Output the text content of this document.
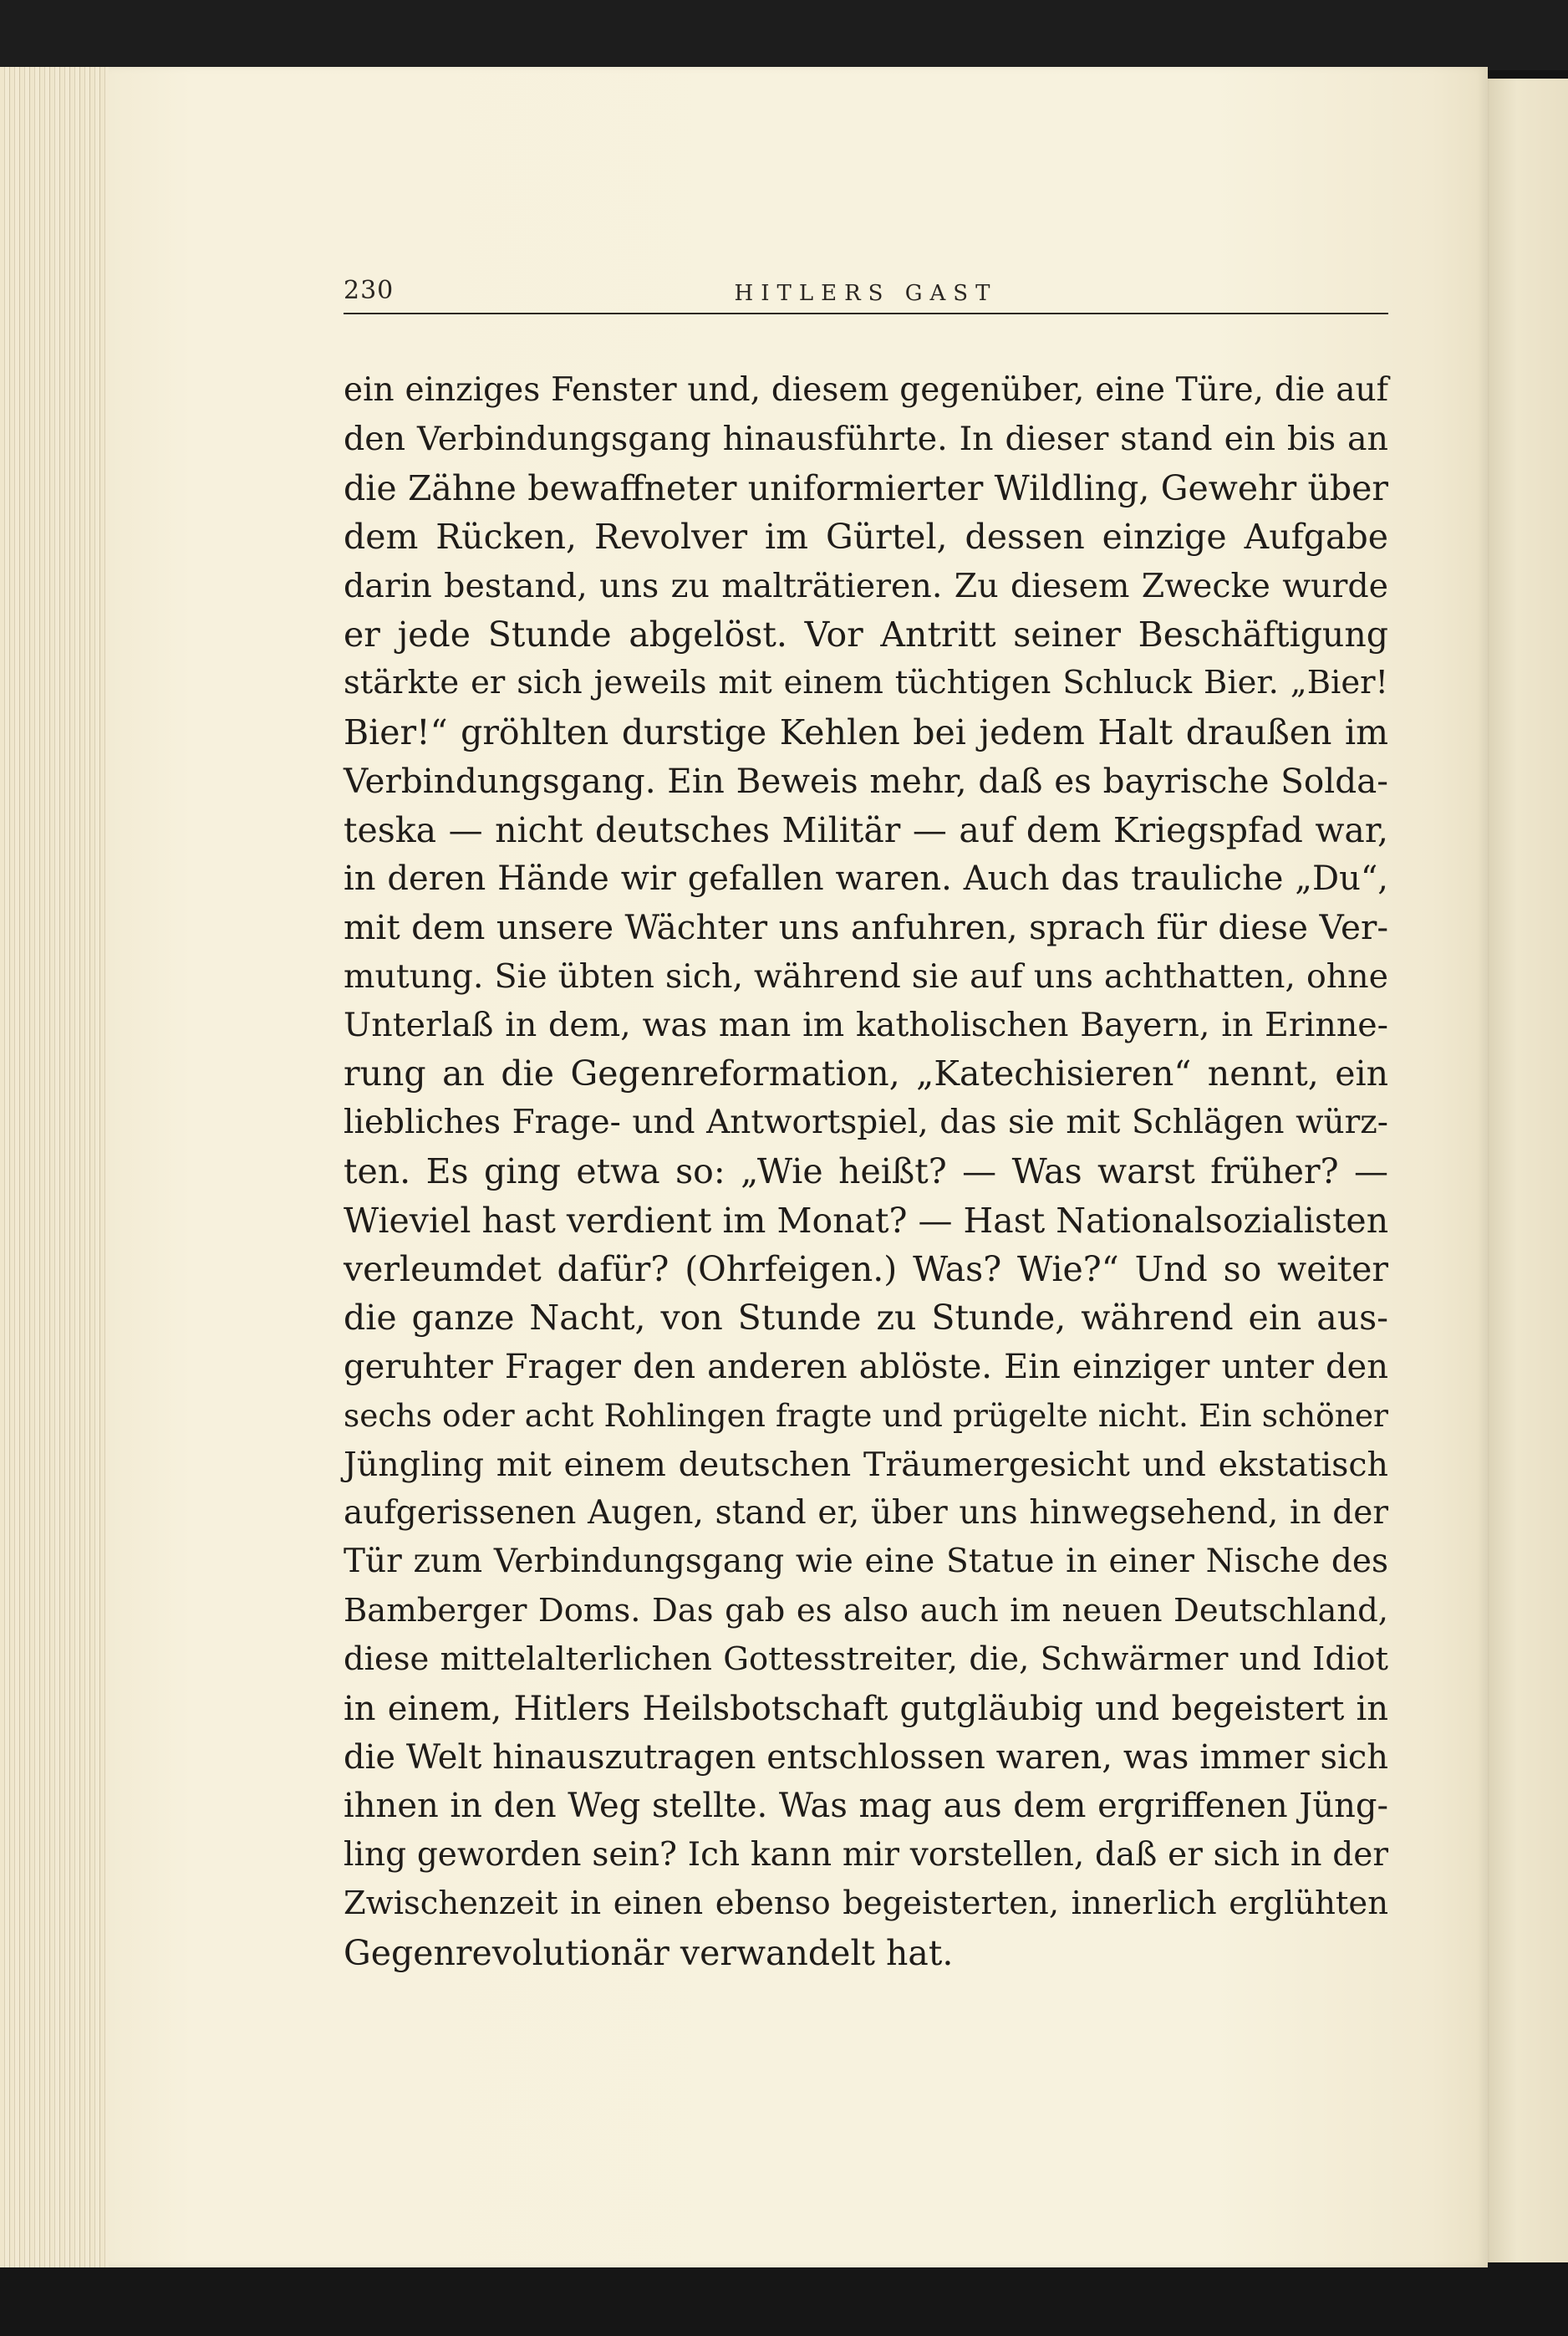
230	HITLERS GAST
ein einziges Fenster und, diesem gegenüber, eine Türe, die auf
den Verbindungsgang hinausführte. In dieser stand ein bis an
die Zähne bewaffneter uniformierter Wildling, Gewehr über
dem Rücken, Revolver im Gürtel, dessen einzige Aufgabe
darin bestand, uns zu malträtieren. Zu diesem Zwecke wurde
er jede Stunde abgelöst. Vor Antritt seiner Beschäftigung
stärkte er sich jeweils mit einem tüchtigen Schluck Bier. „Bier!
Bier!“ gröhlten durstige Kehlen bei jedem Halt draußen im
Verbindungsgang. Ein Beweis mehr, daß es bayrische Solda-
teska — nicht deutsches Militär — auf dem Kriegspfad war,
in deren Hände wir gefallen waren. Auch das trauliche „Du“,
mit dem unsere Wächter uns anfuhren, sprach für diese Ver-
mutung. Sie übten sich, während sie auf uns achthatten, ohne
Unterlaß in dem, was man im katholischen Bayern, in Erinne-
rung an die Gegenreformation, „Katechisieren“ nennt, ein
liebliches Frage- und Antwortspiel, das sie mit Schlägen würz-
ten. Es ging etwa so: „Wie heißt? — Was warst früher? —
Wieviel hast verdient im Monat? — Hast Nationalsozialisten
verleumdet dafür? (Ohrfeigen.) Was? Wie?“ Und so weiter
die ganze Nacht, von Stunde zu Stunde, während ein aus-
geruhter Frager den anderen ablöste. Ein einziger unter den
sechs oder acht Rohlingen fragte und prügelte nicht. Ein schöner
Jüngling mit einem deutschen Träumergesicht und ekstatisch
aufgerissenen Augen, stand er, über uns hinwegsehend, in der
Tür zum Verbindungsgang wie eine Statue in einer Nische des
Bamberger Doms. Das gab es also auch im neuen Deutschland,
diese mittelalterlichen Gottesstreiter, die, Schwärmer und Idiot
in einem, Hitlers Heilsbotschaft gutgläubig und begeistert in
die Welt hinauszutragen entschlossen waren, was immer sich
ihnen in den Weg stellte. Was mag aus dem ergriffenen Jüng-
ling geworden sein? Ich kann mir vorstellen, daß er sich in der
Zwischenzeit in einen ebenso begeisterten, innerlich erglühten
Gegenrevolutionär verwandelt hat.
